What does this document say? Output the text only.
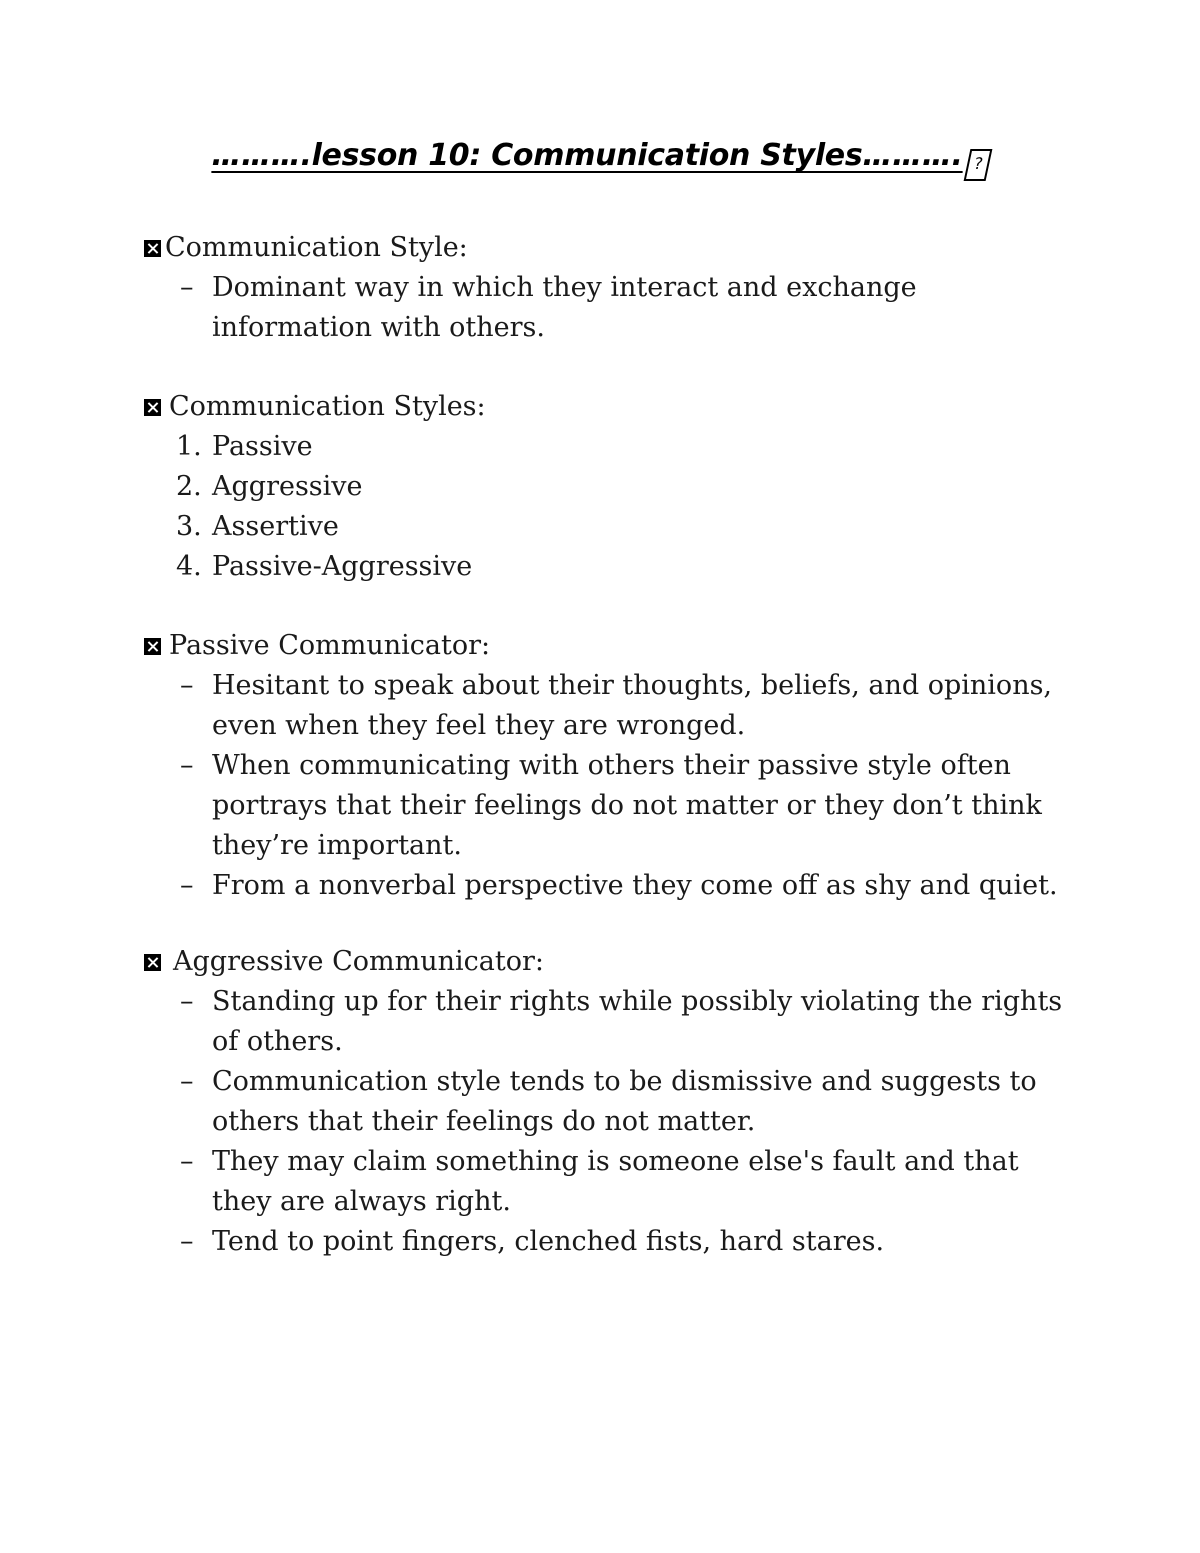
……….lesson 10: Communication Styles………. ?
Communication Style:
– Dominant way in which they interact and exchange information with others.
Communication Styles:
1. Passive
2. Aggressive
3. Assertive
4. Passive-Aggressive
Passive Communicator:
– Hesitant to speak about their thoughts, beliefs, and opinions, even when they feel they are wronged.
– When communicating with others their passive style often portrays that their feelings do not matter or they don’t think they’re important.
– From a nonverbal perspective they come off as shy and quiet.
Aggressive Communicator:
– Standing up for their rights while possibly violating the rights of others.
– Communication style tends to be dismissive and suggests to others that their feelings do not matter.
– They may claim something is someone else's fault and that they are always right.
– Tend to point fingers, clenched fists, hard stares.
